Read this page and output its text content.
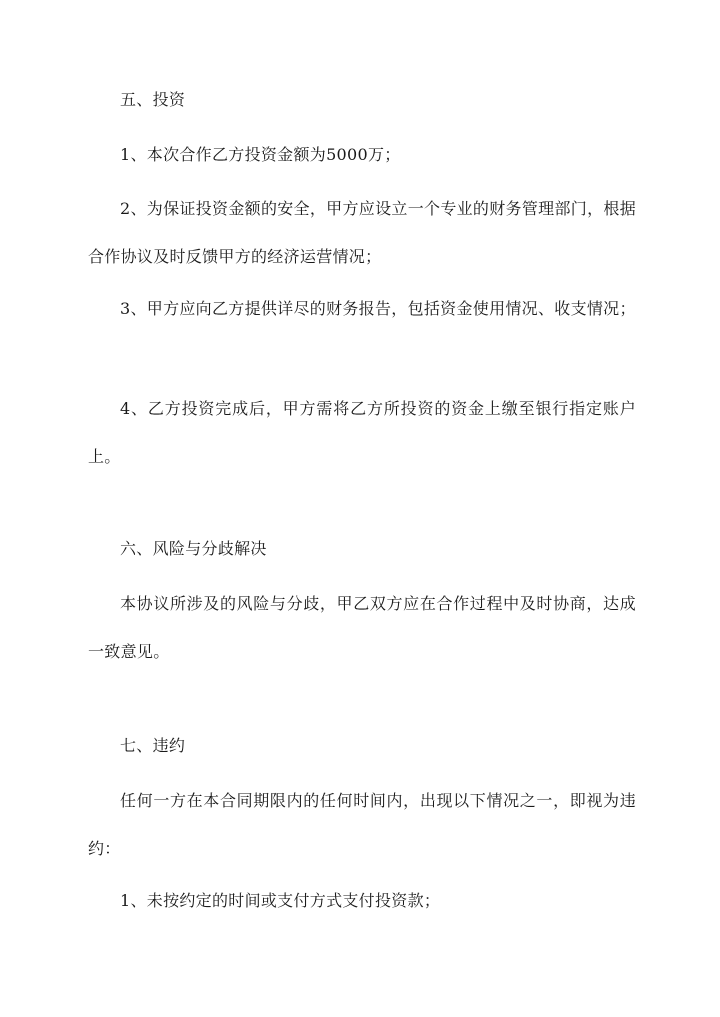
五、投资

1、本次合作乙方投资金额为5000万；

2、为保证投资金额的安全，甲方应设立一个专业的财务管理部门，根据合作协议及时反馈甲方的经济运营情况；

3、甲方应向乙方提供详尽的财务报告，包括资金使用情况、收支情况；

4、乙方投资完成后，甲方需将乙方所投资的资金上缴至银行指定账户上。

六、风险与分歧解决

本协议所涉及的风险与分歧，甲乙双方应在合作过程中及时协商，达成一致意见。

七、违约

任何一方在本合同期限内的任何时间内，出现以下情况之一，即视为违约：

1、未按约定的时间或支付方式支付投资款；
